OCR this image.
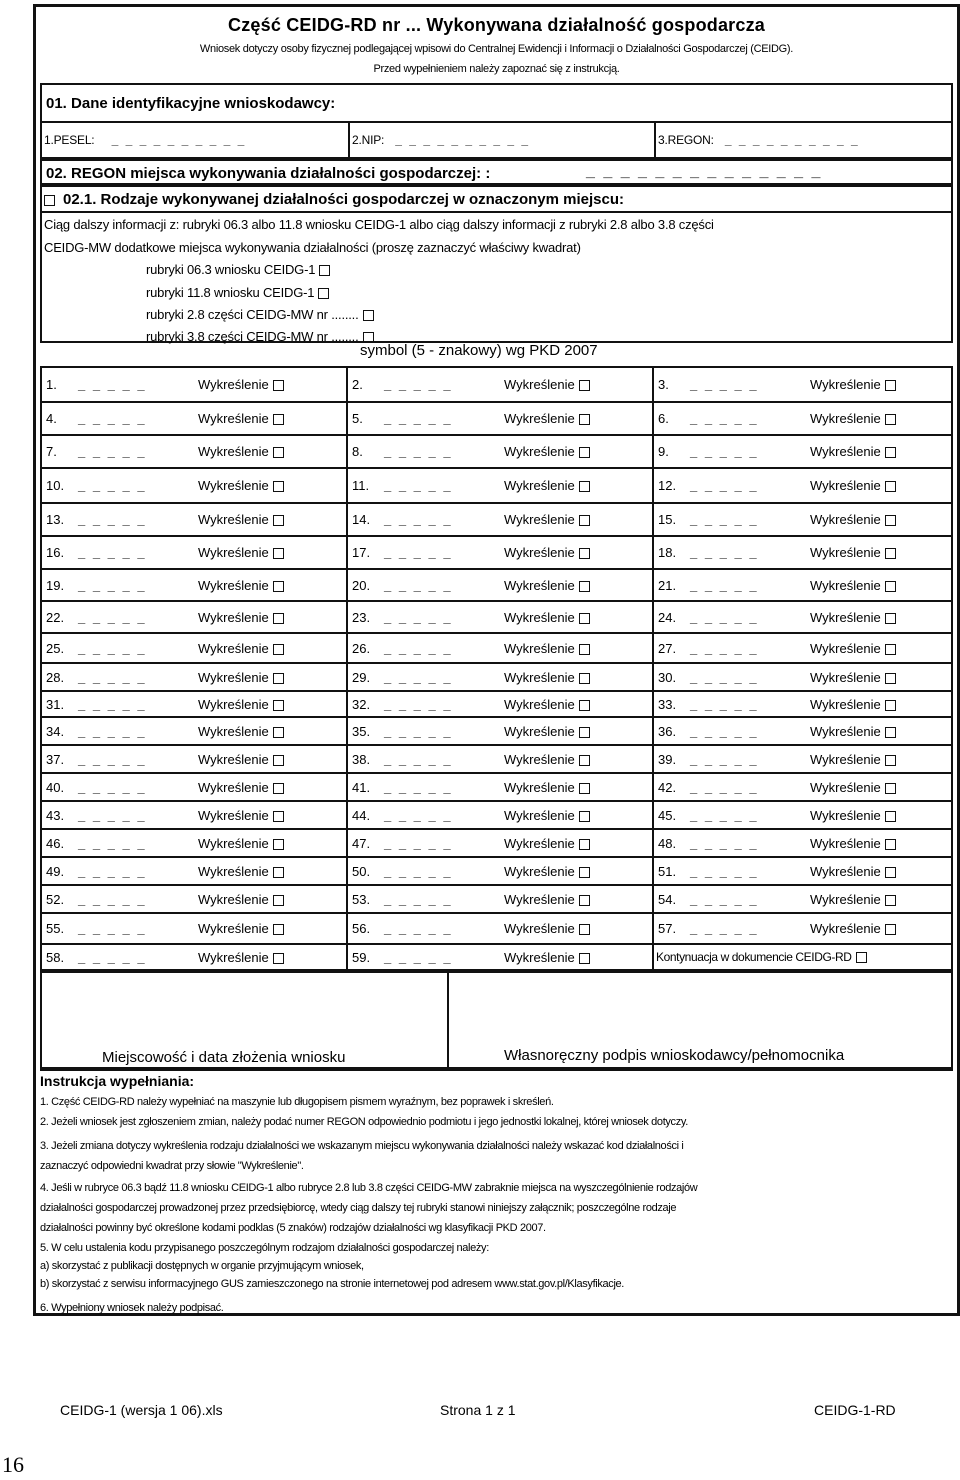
Część CEIDG-RD nr ... Wykonywana działalność gospodarcza
Wniosek dotyczy osoby fizycznej podlegającej wpisowi do Centralnej Ewidencji i Informacji o Działalności Gospodarczej (CEIDG).
Przed wypełnieniem należy zapoznać się z instrukcją.
01. Dane identyfikacyjne wnioskodawcy:
1.PESEL: _ _ _ _ _ _ _ _ _ _	2.NIP: _ _ _ _ _ _ _ _ _ _	3.REGON: _ _ _ _ _ _ _ _ _ _
02. REGON miejsca wykonywania działalności gospodarczej: :	_ _ _ _ _ _ _ _ _ _ _ _ _ _
02.1. Rodzaje wykonywanej działalności gospodarczej w oznaczonym miejscu:
Ciąg dalszy informacji z: rubryki 06.3 albo 11.8 wniosku CEIDG-1 albo ciąg dalszy informacji z rubryki 2.8 albo 3.8 części
CEIDG-MW dodatkowe miejsca wykonywania działalności (proszę zaznaczyć właściwy kwadrat)
rubryki 06.3 wniosku CEIDG-1
rubryki 11.8 wniosku CEIDG-1
rubryki 2.8 części CEIDG-MW nr ........
rubryki 3.8 części CEIDG-MW nr ........
symbol (5 - znakowy) wg PKD 2007
1. _ _ _ _ _	Wykreślenie	2. _ _ _ _ _	Wykreślenie	3. _ _ _ _ _	Wykreślenie
4. _ _ _ _ _	Wykreślenie	5. _ _ _ _ _	Wykreślenie	6. _ _ _ _ _	Wykreślenie
7. _ _ _ _ _	Wykreślenie	8. _ _ _ _ _	Wykreślenie	9. _ _ _ _ _	Wykreślenie
10. _ _ _ _ _	Wykreślenie	11. _ _ _ _ _	Wykreślenie	12. _ _ _ _ _	Wykreślenie
13. _ _ _ _ _	Wykreślenie	14. _ _ _ _ _	Wykreślenie	15. _ _ _ _ _	Wykreślenie
16. _ _ _ _ _	Wykreślenie	17. _ _ _ _ _	Wykreślenie	18. _ _ _ _ _	Wykreślenie
19. _ _ _ _ _	Wykreślenie	20. _ _ _ _ _	Wykreślenie	21. _ _ _ _ _	Wykreślenie
22. _ _ _ _ _	Wykreślenie	23. _ _ _ _ _	Wykreślenie	24. _ _ _ _ _	Wykreślenie
25. _ _ _ _ _	Wykreślenie	26. _ _ _ _ _	Wykreślenie	27. _ _ _ _ _	Wykreślenie
28. _ _ _ _ _	Wykreślenie	29. _ _ _ _ _	Wykreślenie	30. _ _ _ _ _	Wykreślenie
31. _ _ _ _ _	Wykreślenie	32. _ _ _ _ _	Wykreślenie	33. _ _ _ _ _	Wykreślenie
34. _ _ _ _ _	Wykreślenie	35. _ _ _ _ _	Wykreślenie	36. _ _ _ _ _	Wykreślenie
37. _ _ _ _ _	Wykreślenie	38. _ _ _ _ _	Wykreślenie	39. _ _ _ _ _	Wykreślenie
40. _ _ _ _ _	Wykreślenie	41. _ _ _ _ _	Wykreślenie	42. _ _ _ _ _	Wykreślenie
43. _ _ _ _ _	Wykreślenie	44. _ _ _ _ _	Wykreślenie	45. _ _ _ _ _	Wykreślenie
46. _ _ _ _ _	Wykreślenie	47. _ _ _ _ _	Wykreślenie	48. _ _ _ _ _	Wykreślenie
49. _ _ _ _ _	Wykreślenie	50. _ _ _ _ _	Wykreślenie	51. _ _ _ _ _	Wykreślenie
52. _ _ _ _ _	Wykreślenie	53. _ _ _ _ _	Wykreślenie	54. _ _ _ _ _	Wykreślenie
55. _ _ _ _ _	Wykreślenie	56. _ _ _ _ _	Wykreślenie	57. _ _ _ _ _	Wykreślenie
58. _ _ _ _ _	Wykreślenie	59. _ _ _ _ _	Wykreślenie	Kontynuacja w dokumencie CEIDG-RD
Miejscowość i data złożenia wniosku	Własnoręczny podpis wnioskodawcy/pełnomocnika
Instrukcja wypełniania:
1. Część CEIDG-RD należy wypełniać na maszynie lub długopisem pismem wyraźnym, bez poprawek i skreśleń.
2. Jeżeli wniosek jest zgłoszeniem zmian, należy podać numer REGON odpowiednio podmiotu i jego jednostki lokalnej, której wniosek dotyczy.
3. Jeżeli zmiana dotyczy wykreślenia rodzaju działalności we wskazanym miejscu wykonywania działalności należy wskazać kod działalności i
zaznaczyć odpowiedni kwadrat przy słowie "Wykreślenie".
4. Jeśli w rubryce 06.3 bądź 11.8 wniosku CEIDG-1 albo rubryce 2.8 lub 3.8 części CEIDG-MW zabraknie miejsca na wyszczególnienie rodzajów
działalności gospodarczej prowadzonej przez przedsiębiorcę, wtedy ciąg dalszy tej rubryki stanowi niniejszy załącznik; poszczególne rodzaje
działalności powinny być określone kodami podklas (5 znaków) rodzajów działalności wg klasyfikacji PKD 2007.
5. W celu ustalenia kodu przypisanego poszczególnym rodzajom działalności gospodarczej należy:
a) skorzystać z publikacji dostępnych w organie przyjmującym wniosek,
b) skorzystać z serwisu informacyjnego GUS zamieszczonego na stronie internetowej pod adresem www.stat.gov.pl/Klasyfikacje.
6. Wypełniony wniosek należy podpisać.
CEIDG-1 (wersja 1 06).xls	Strona 1 z 1	CEIDG-1-RD
16
